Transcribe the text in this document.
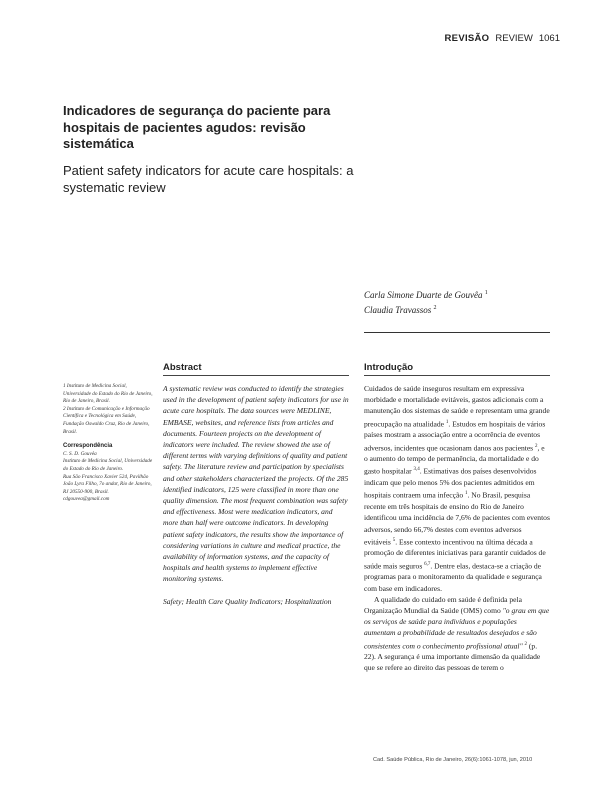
REVISÃO REVIEW 1061
Indicadores de segurança do paciente para hospitais de pacientes agudos: revisão sistemática
Patient safety indicators for acute care hospitals: a systematic review
Carla Simone Duarte de Gouvêa $^1$
Claudia Travassos $^2$
Abstract	Introdução

1 Instituto de Medicina Social, Universidade do Estado do Rio de Janeiro, Rio de Janeiro, Brasil.

2 Instituto de Comunicação e Informação Científica e Tecnológica em Saúde, Fundação Oswaldo Cruz, Rio de Janeiro, Brasil.

Correspondência

C. S. D. Gouvêa

Instituto de Medicina Social, Universidade do Estado do Rio de Janeiro.

Rua São Francisco Xavier 524, Pavilhão João Lyra Filho, 7o andar, Rio de Janeiro, RJ 20550-900, Brasil.

cdgouvea@gmail.com

A systematic review was conducted to identify the strategies used in the development of patient safety indicators for use in acute care hospitals. The data sources were MEDLINE, EMBASE, websites, and reference lists from articles and documents. Fourteen projects on the development of indicators were included. The review showed the use of different terms with varying definitions of quality and patient safety. The literature review and participation by specialists and other stakeholders characterized the projects. Of the 285 identified indicators, 125 were classified in more than one quality dimension. The most frequent combination was safety and effectiveness. Most were medication indicators, and more than half were outcome indicators. In developing patient safety indicators, the results show the importance of considering variations in culture and medical practice, the availability of information systems, and the capacity of hospitals and health systems to implement effective monitoring systems.

Safety; Health Care Quality Indicators; Hospitalization

Cuidados de saúde inseguros resultam em expressiva morbidade e mortalidade evitáveis, gastos adicionais com a manutenção dos sistemas de saúde e representam uma grande preocupação na atualidade $^1$. Estudos em hospitais de vários países mostram a associação entre a ocorrência de eventos adversos, incidentes que ocasionam danos aos pacientes $^2$, e o aumento do tempo de permanência, da mortalidade e do gasto hospitalar $^{3,4}$. Estimativas dos países desenvolvidos indicam que pelo menos 5% dos pacientes admitidos em hospitais contraem uma infecção $^1$. No Brasil, pesquisa recente em três hospitais de ensino do Rio de Janeiro identificou uma incidência de 7,6% de pacientes com eventos adversos, sendo 66,7% destes com eventos adversos evitáveis $^5$. Esse contexto incentivou na última década a promoção de diferentes iniciativas para garantir cuidados de saúde mais seguros $^{6,7}$. Dentre elas, destaca-se a criação de programas para o monitoramento da qualidade e segurança com base em indicadores.

A qualidade do cuidado em saúde é definida pela Organização Mundial da Saúde (OMS) como "o grau em que os serviços de saúde para indivíduos e populações aumentam a probabilidade de resultados desejados e são consistentes com o conhecimento profissional atual" $^2$ (p. 22). A segurança é uma importante dimensão da qualidade que se refere ao direito das pessoas de terem o

Cad. Saúde Pública, Rio de Janeiro, 26(6):1061-1078, jun, 2010
